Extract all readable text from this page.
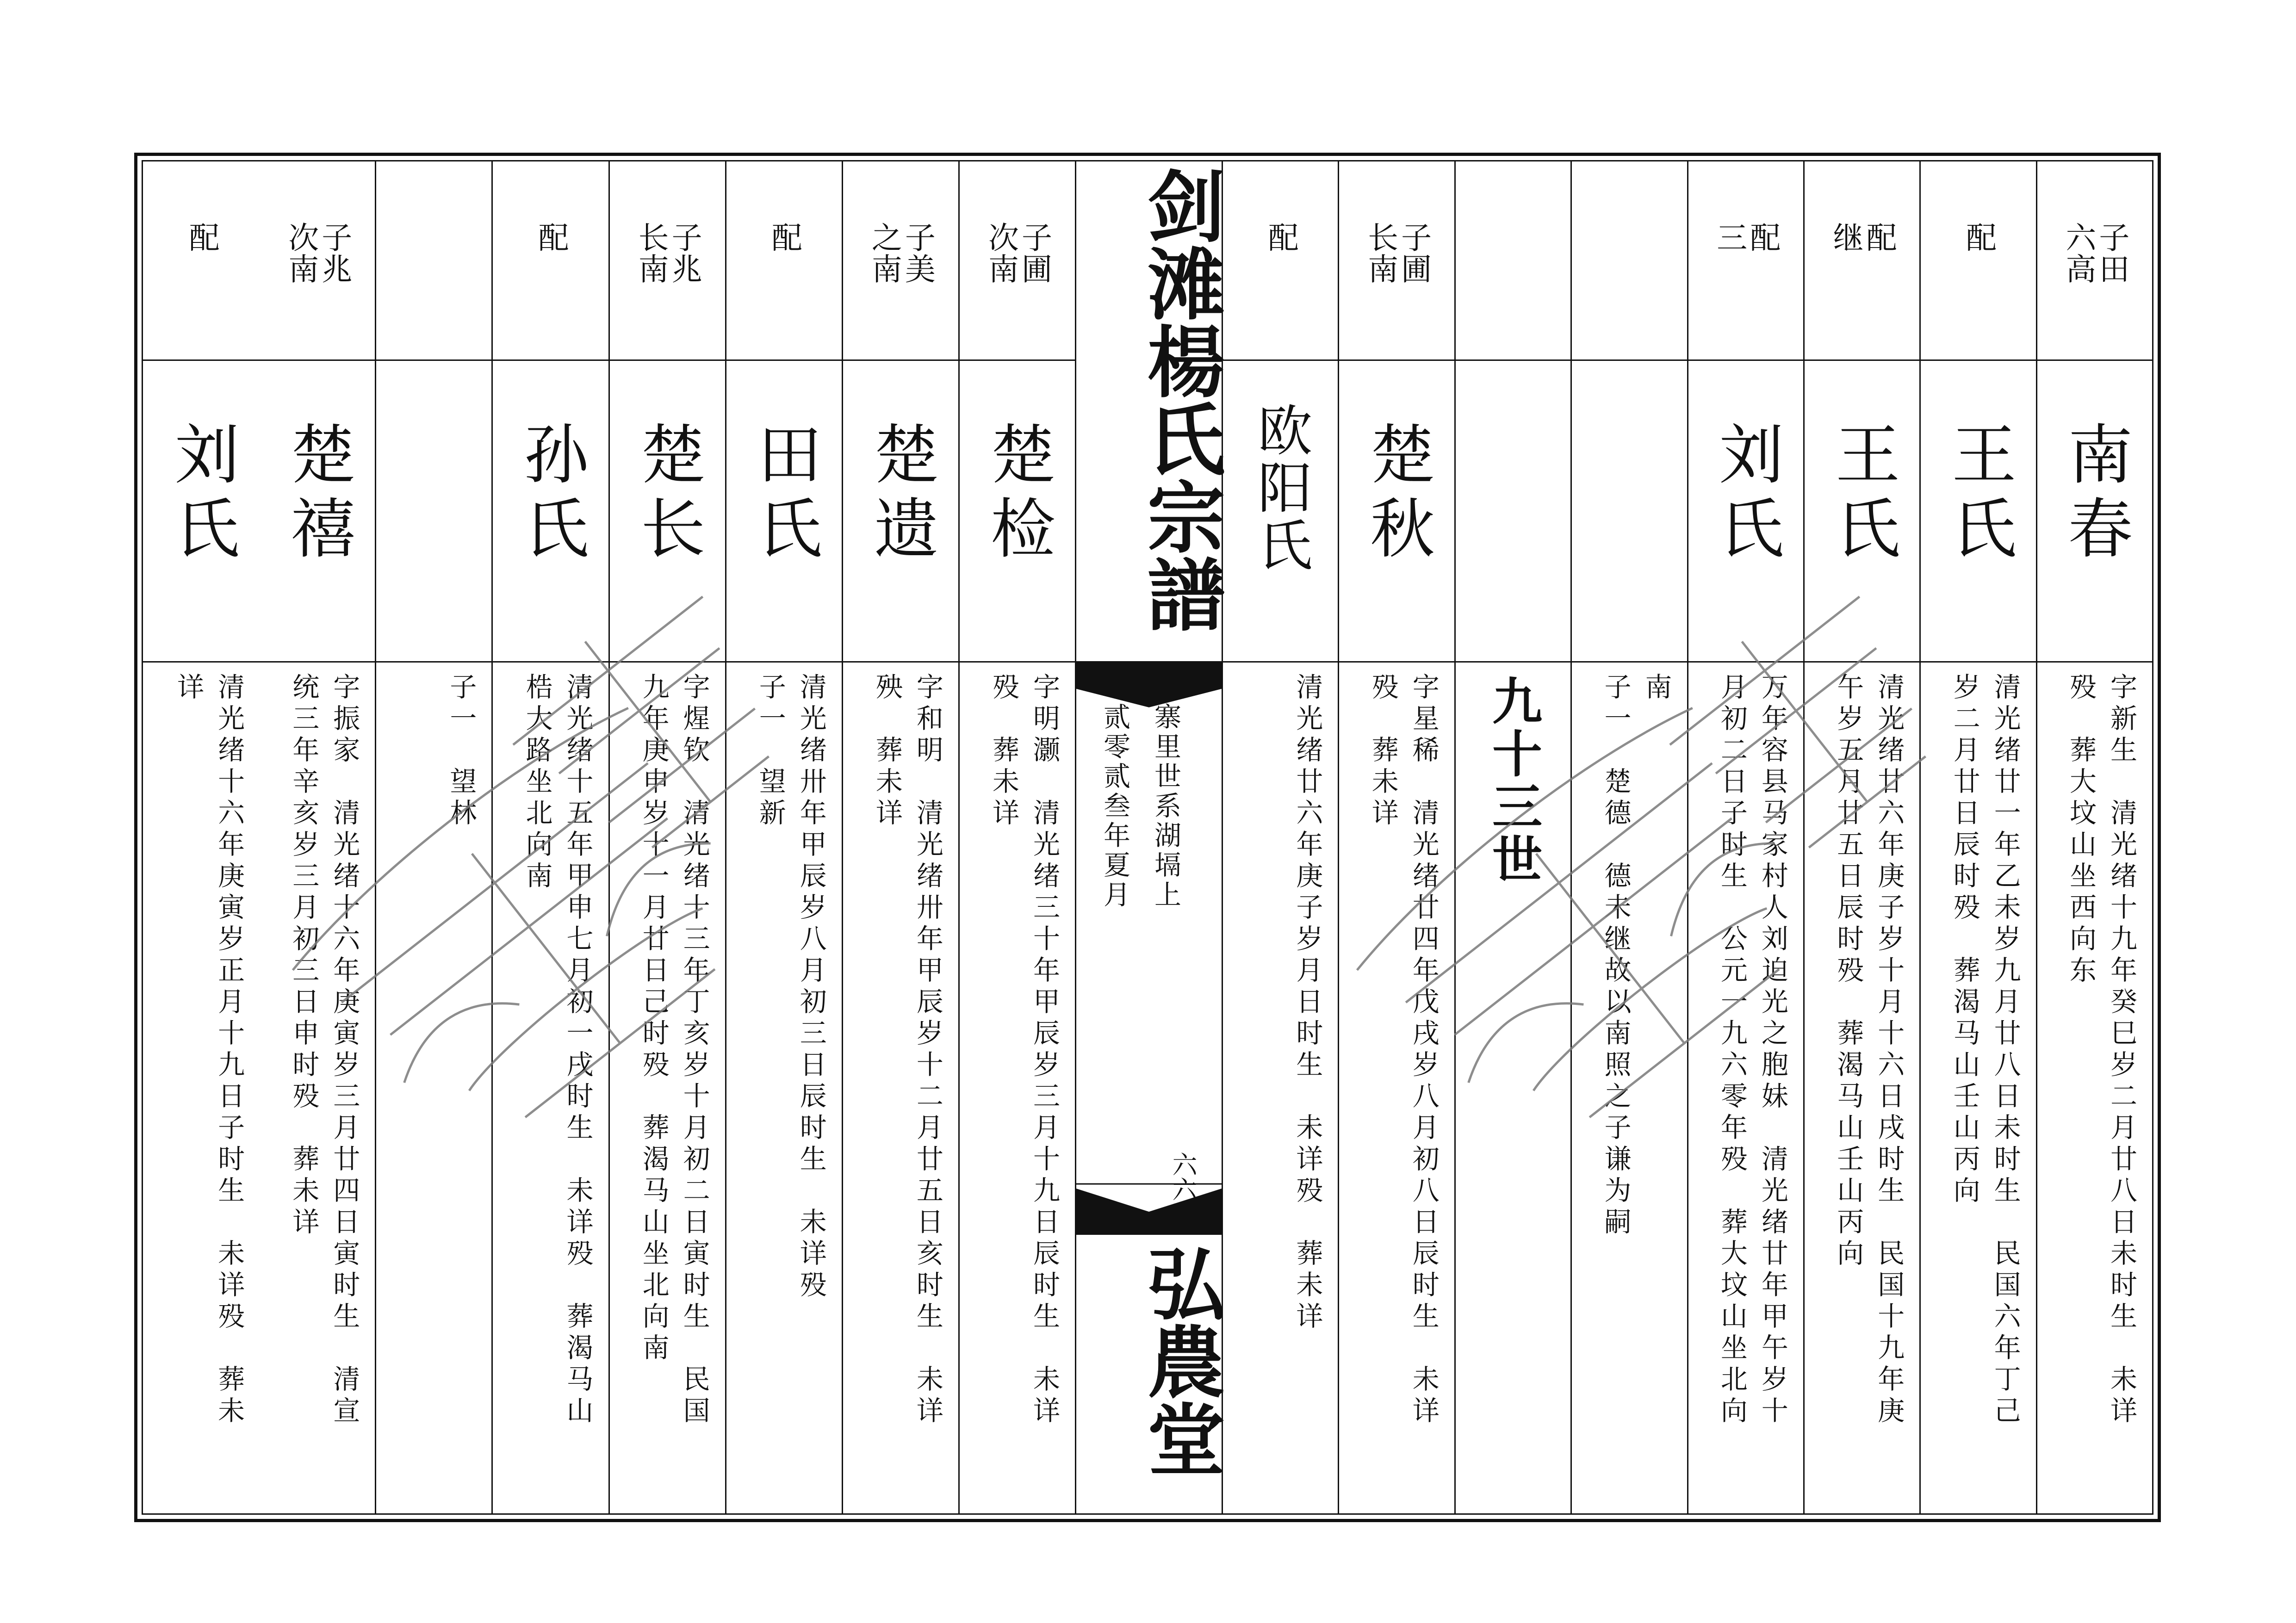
六高
子田
南春
字新生　清光绪十九年癸巳岁二月廿八日未时生　未详
殁　葬大坟山坐西向东
配
王氏
清光绪廿一年乙未岁九月廿八日未时生　民国六年丁己
岁二月廿日辰时殁　葬渴马山壬山丙向
继
配
王氏
清光绪廿六年庚子岁十月十六日戌时生　民国十九年庚
午岁五月廿五日辰时殁　葬渴马山壬山丙向
三
配
刘氏
万年容县马家村人刘迫光之胞妹　清光绪廿年甲午岁十
月初二日子时生　公元一九六零年殁　葬大坟山坐北向
南
子一　楚德　德未继故以南照之子谦为嗣
九十三世
长南
子圃
楚秋
字星稀　清光绪廿四年戊戌岁八月初八日辰时生　未详
殁　葬未详
配
欧阳氏
清光绪廿六年庚子岁月日时生　未详殁　葬未详
次南
子圃
楚检
字明灏　清光绪三十年甲辰岁三月十九日辰时生　未详
殁　葬未详
之南
子美
楚遗
字和明　清光绪卅年甲辰岁十二月廿五日亥时生　未详
殃　葬未详
配
田氏
清光绪卅年甲辰岁八月初三日辰时生　未详殁
子一　望新
长南
子兆
楚长
字煋钦　清光绪十三年丁亥岁十月初二日寅时生　民国
九年庚申岁十一月廿日己时殁　葬渴马山坐北向南
配
孙氏
清光绪十五年甲申七月初一戌时生　未详殁　葬渴马山
梏大路坐北向南
子一　望林
次南
子兆
楚禧
字振家　清光绪十六年庚寅岁三月廿四日寅时生　清宣
统三年辛亥岁三月初三日申时殁　葬未详
配
刘氏
清光绪十六年庚寅岁正月十九日子时生　未详殁　葬未
详
剑滩楊氏宗譜
寨里世系湖塥上
贰零贰叁年夏月
六六
弘農堂
